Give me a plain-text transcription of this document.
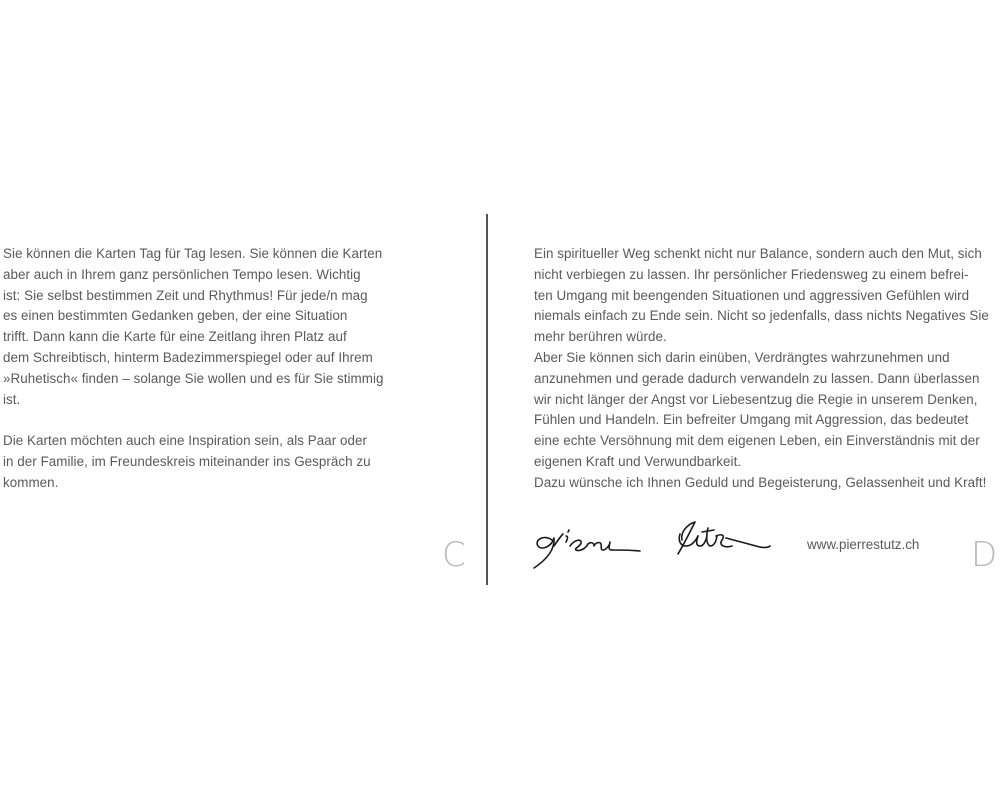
Sie können die Karten Tag für Tag lesen. Sie können die Karten
aber auch in Ihrem ganz persönlichen Tempo lesen. Wichtig
ist: Sie selbst bestimmen Zeit und Rhythmus! Für jede/n mag
es einen bestimmten Gedanken geben, der eine Situation
trifft. Dann kann die Karte für eine Zeitlang ihren Platz auf
dem Schreibtisch, hinterm Badezimmerspiegel oder auf Ihrem
»Ruhetisch« finden – solange Sie wollen und es für Sie stimmig
ist.
Die Karten möchten auch eine Inspiration sein, als Paar oder
in der Familie, im Freundeskreis miteinander ins Gespräch zu
kommen.
C
Ein spiritueller Weg schenkt nicht nur Balance, sondern auch den Mut, sich
nicht verbiegen zu lassen. Ihr persönlicher Friedensweg zu einem befrei-
ten Umgang mit beengenden Situationen und aggressiven Gefühlen wird
niemals einfach zu Ende sein. Nicht so jedenfalls, dass nichts Negatives Sie
mehr berühren würde.
Aber Sie können sich darin einüben, Verdrängtes wahrzunehmen und
anzunehmen und gerade dadurch verwandeln zu lassen. Dann überlassen
wir nicht länger der Angst vor Liebesentzug die Regie in unserem Denken,
Fühlen und Handeln. Ein befreiter Umgang mit Aggression, das bedeutet
eine echte Versöhnung mit dem eigenen Leben, ein Einverständnis mit der
eigenen Kraft und Verwundbarkeit.
Dazu wünsche ich Ihnen Geduld und Begeisterung, Gelassenheit und Kraft!
www.pierrestutz.ch D
